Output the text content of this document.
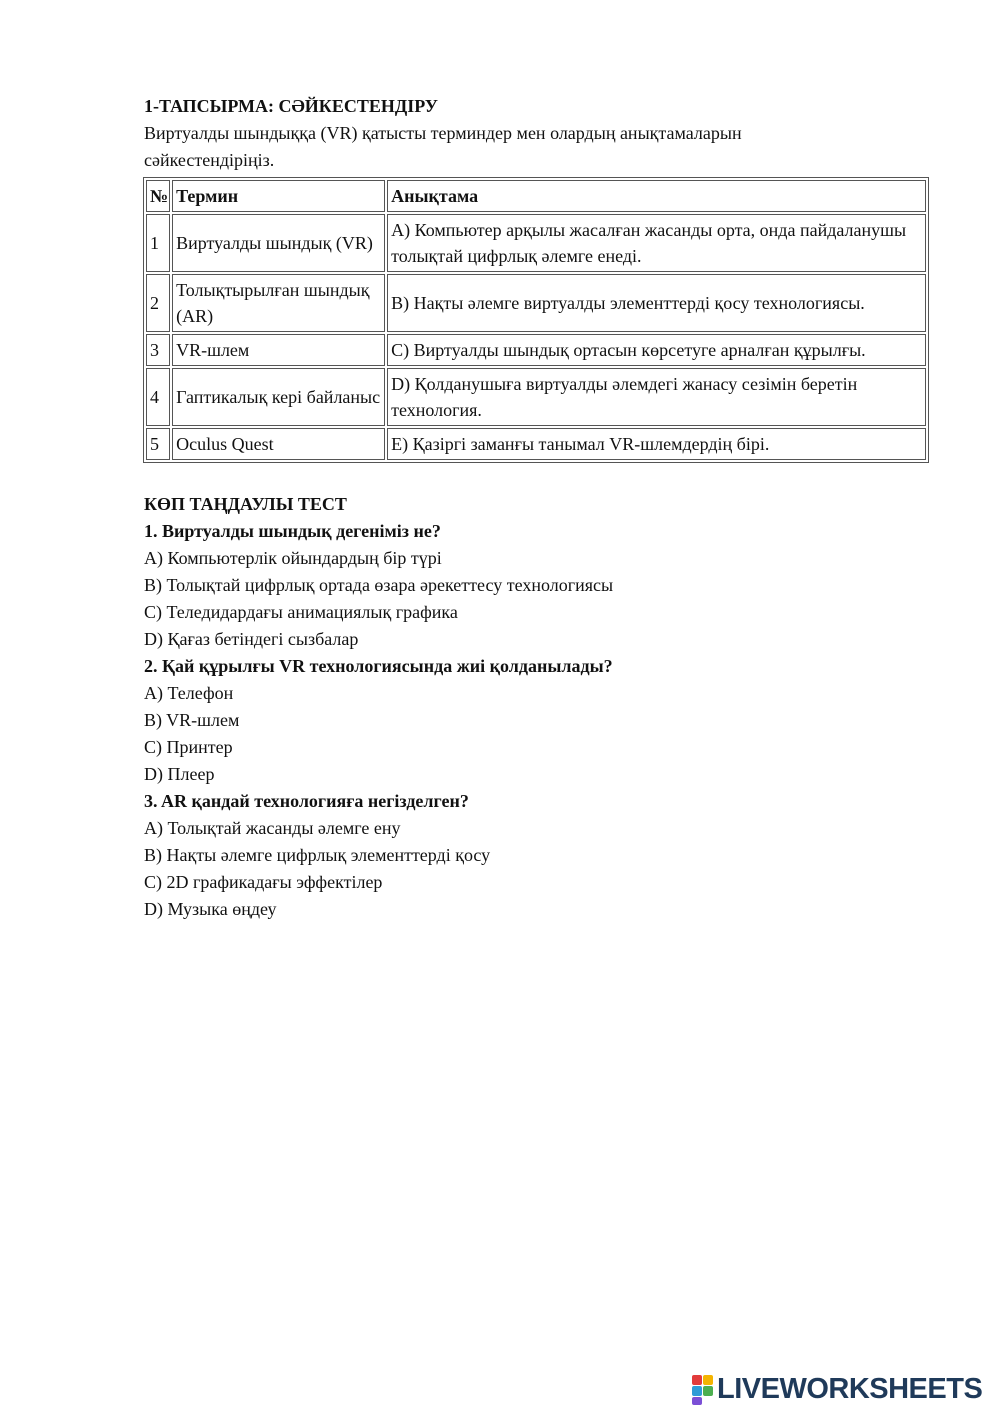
1-ТАПСЫРМА: СӘЙКЕСТЕНДІРУ

Виртуалды шындыққа (VR) қатысты терминдер мен олардың анықтамаларын сәйкестендіріңіз.

№	Термин	Анықтама
1	Виртуалды шындық (VR)	A) Компьютер арқылы жасалған жасанды орта, онда пайдаланушы толықтай цифрлық әлемге енеді.
2	Толықтырылған шындық (AR)	B) Нақты әлемге виртуалды элементтерді қосу технологиясы.
3	VR-шлем	C) Виртуалды шындық ортасын көрсетуге арналған құрылғы.
4	Гаптикалық кері байланыс	D) Қолданушыға виртуалды әлемдегі жанасу сезімін беретін технология.
5	Oculus Quest	E) Қазіргі заманғы танымал VR-шлемдердің бірі.

КӨП ТАҢДАУЛЫ ТЕСТ

1. Виртуалды шындық дегеніміз не?

A) Компьютерлік ойындардың бір түрі

B) Толықтай цифрлық ортада өзара әрекеттесу технологиясы

C) Теледидардағы анимациялық графика

D) Қағаз бетіндегі сызбалар

2. Қай құрылғы VR технологиясында жиі қолданылады?

A) Телефон

B) VR-шлем

C) Принтер

D) Плеер

3. AR қандай технологияға негізделген?

A) Толықтай жасанды әлемге ену

B) Нақты әлемге цифрлық элементтерді қосу

C) 2D графикадағы эффектілер

D) Музыка өңдеу

LIVEWORKSHEETS
